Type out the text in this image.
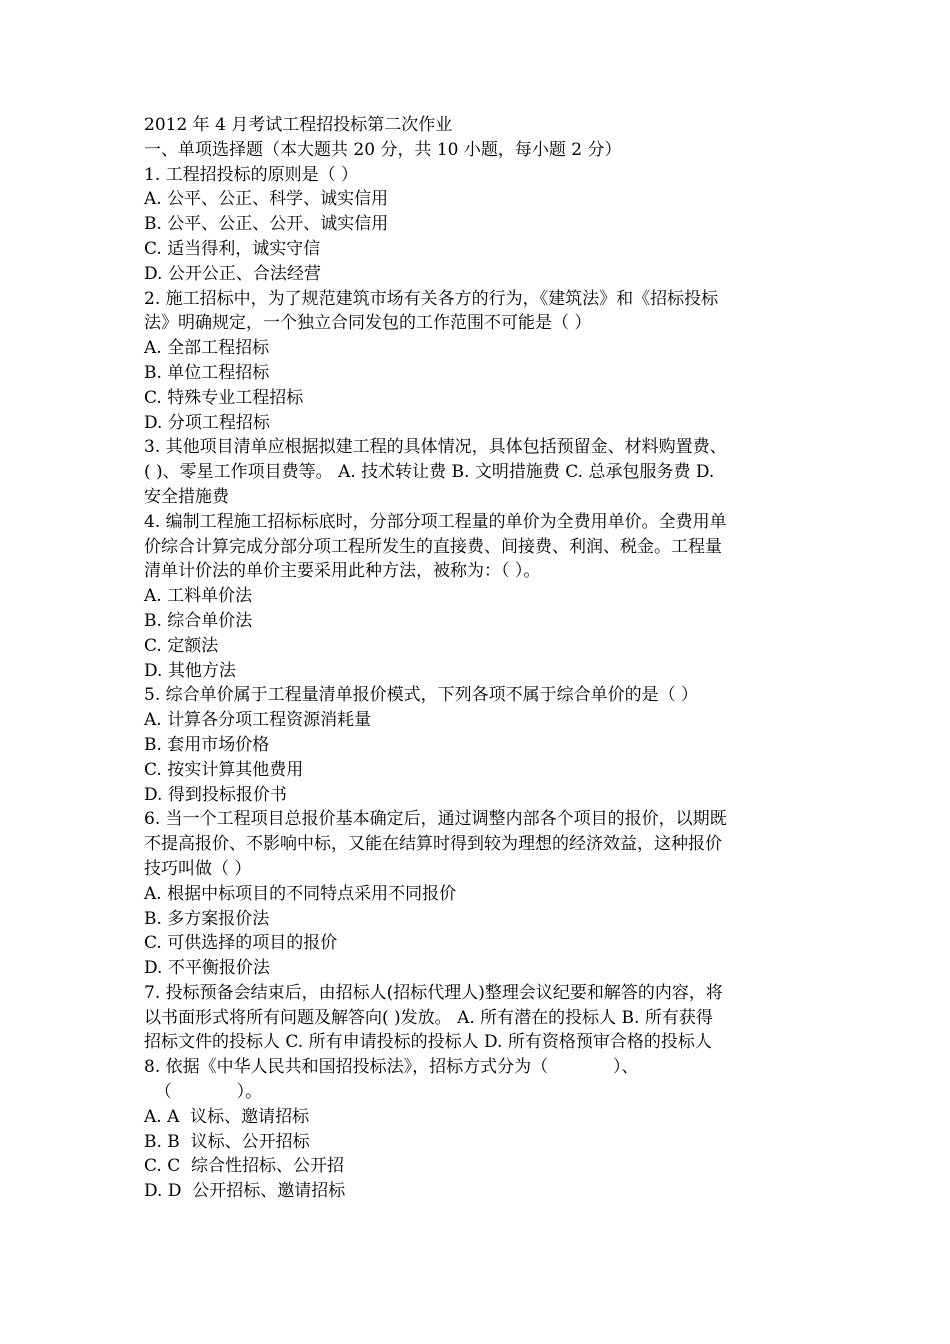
2012 年 4 月考试工程招投标第二次作业
一、单项选择题（本大题共 20 分，共 10 小题，每小题 2 分）
1. 工程招投标的原则是（ ）
A. 公平、公正、科学、诚实信用
B. 公平、公正、公开、诚实信用
C. 适当得利，诚实守信
D. 公开公正、合法经营
2. 施工招标中，为了规范建筑市场有关各方的行为，《建筑法》和《招标投标
法》明确规定，一个独立合同发包的工作范围不可能是（ ）
A. 全部工程招标
B. 单位工程招标
C. 特殊专业工程招标
D. 分项工程招标
3. 其他项目清单应根据拟建工程的具体情况，具体包括预留金、材料购置费、
( )、零星工作项目费等。 A. 技术转让费 B. 文明措施费 C. 总承包服务费 D.
安全措施费
4. 编制工程施工招标标底时，分部分项工程量的单价为全费用单价。全费用单
价综合计算完成分部分项工程所发生的直接费、间接费、利润、税金。工程量
清单计价法的单价主要采用此种方法，被称为：（ ）。
A. 工料单价法
B. 综合单价法
C. 定额法
D. 其他方法
5. 综合单价属于工程量清单报价模式，下列各项不属于综合单价的是（ ）
A. 计算各分项工程资源消耗量
B. 套用市场价格
C. 按实计算其他费用
D. 得到投标报价书
6. 当一个工程项目总报价基本确定后，通过调整内部各个项目的报价，以期既
不提高报价、不影响中标，又能在结算时得到较为理想的经济效益，这种报价
技巧叫做（ ）
A. 根据中标项目的不同特点采用不同报价
B. 多方案报价法
C. 可供选择的项目的报价
D. 不平衡报价法
7. 投标预备会结束后，由招标人(招标代理人)整理会议纪要和解答的内容，将
以书面形式将所有问题及解答向( )发放。 A. 所有潜在的投标人 B. 所有获得
招标文件的投标人 C. 所有申请投标的投标人 D. 所有资格预审合格的投标人
8. 依据《中华人民共和国招投标法》，招标方式分为（            ）、
（            ）。
A. A  议标、邀请招标
B. B  议标、公开招标
C. C  综合性招标、公开招
D. D  公开招标、邀请招标
